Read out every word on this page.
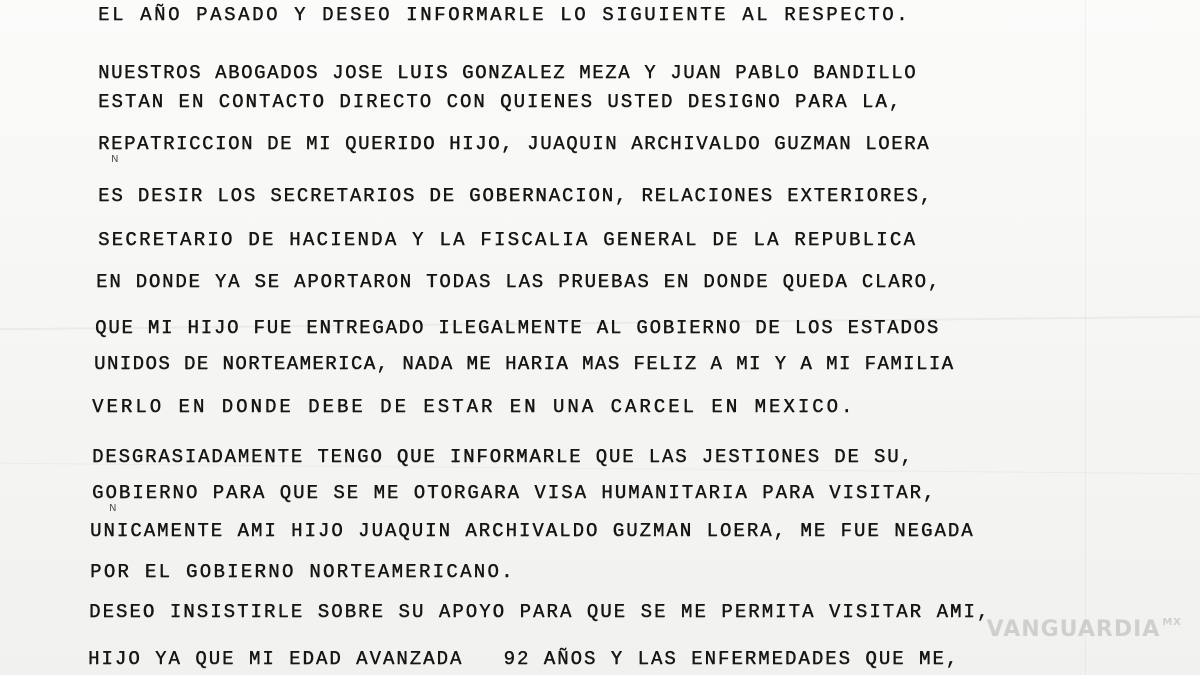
EL AÑO PASADO Y DESEO INFORMARLE LO SIGUIENTE AL RESPECTO.

NUESTROS ABOGADOS JOSE LUIS GONZALEZ MEZA Y JUAN PABLO BANDILLO

ESTAN EN CONTACTO DIRECTO CON QUIENES USTED DESIGNO PARA LA,

REPATRICCION DE MI QUERIDO HIJO, JUAQUIN ARCHIVALDO GUZMAN LOERA

N

ES DESIR LOS SECRETARIOS DE GOBERNACION, RELACIONES EXTERIORES,

SECRETARIO DE HACIENDA Y LA FISCALIA GENERAL DE LA REPUBLICA

EN DONDE YA SE APORTARON TODAS LAS PRUEBAS EN DONDE QUEDA CLARO,

QUE MI HIJO FUE ENTREGADO ILEGALMENTE AL GOBIERNO DE LOS ESTADOS

UNIDOS DE NORTEAMERICA, NADA ME HARIA MAS FELIZ A MI Y A MI FAMILIA

VERLO EN DONDE DEBE DE ESTAR EN UNA CARCEL EN MEXICO.

DESGRASIADAMENTE TENGO QUE INFORMARLE QUE LAS JESTIONES DE SU,

GOBIERNO PARA QUE SE ME OTORGARA VISA HUMANITARIA PARA VISITAR,

N

UNICAMENTE AMI HIJO JUAQUIN ARCHIVALDO GUZMAN LOERA, ME FUE NEGADA

POR EL GOBIERNO NORTEAMERICANO.

DESEO INSISTIRLE SOBRE SU APOYO PARA QUE SE ME PERMITA VISITAR AMI,

HIJO YA QUE MI EDAD AVANZADA   92 AÑOS Y LAS ENFERMEDADES QUE ME,

VANGUARDIA $^{MX}$
